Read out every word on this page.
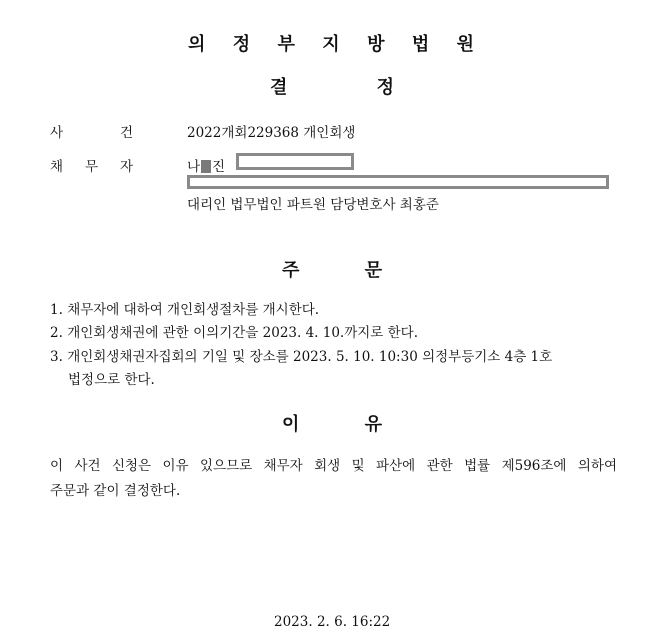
의 정 부 지 방 법 원
결	정
사	건	2022개회229368 개인회생
채 무 자	나 진
대리인 법무법인 파트원 담당변호사 최홍준
주	문
1. 채무자에 대하여 개인회생절차를 개시한다.
2. 개인회생채권에 관한 이의기간을 2023. 4. 10.까지로 한다.
3. 개인회생채권자집회의 기일 및 장소를 2023. 5. 10. 10:30 의정부등기소 4층 1호
법정으로 한다.
이	유
이 사건 신청은 이유 있으므로 채무자 회생 및 파산에 관한 법률 제596조에 의하여
주문과 같이 결정한다.
2023. 2. 6. 16:22
